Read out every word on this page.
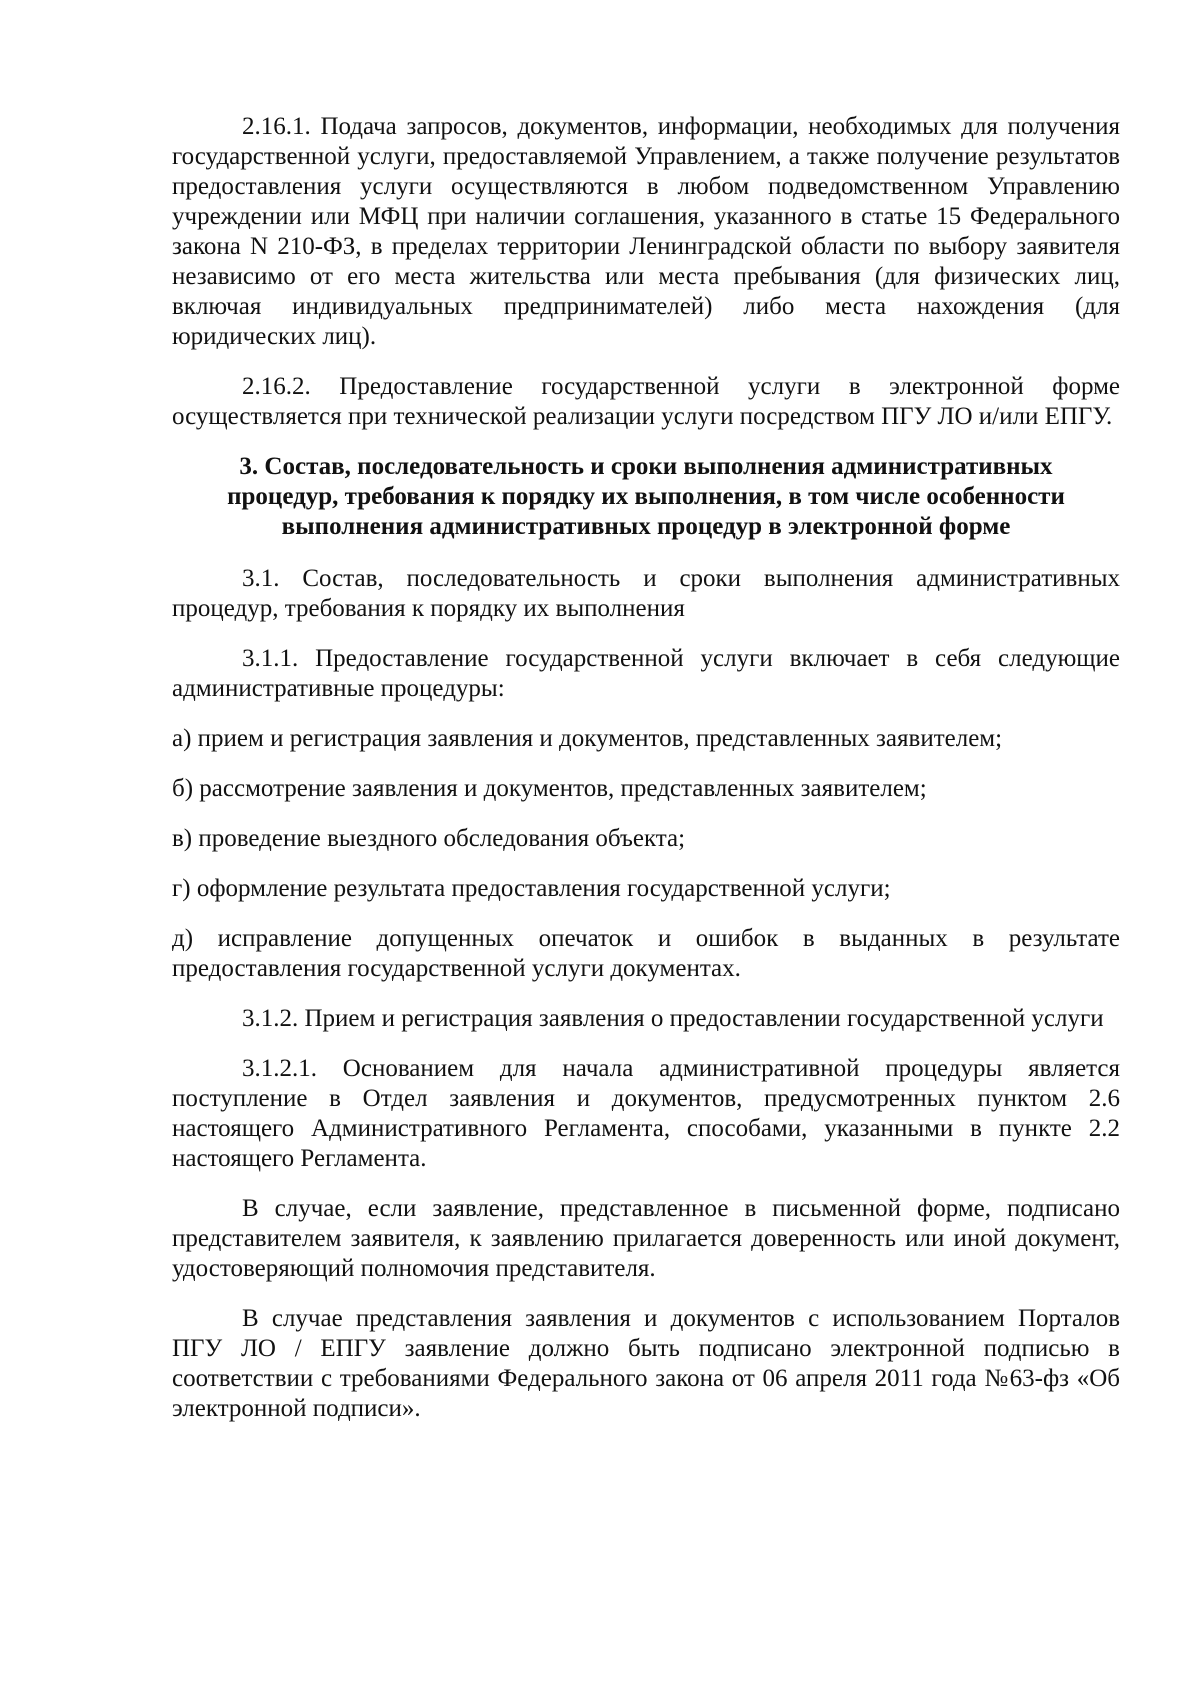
2.16.1. Подача запросов, документов, информации, необходимых для получения государственной услуги, предоставляемой Управлением, а также получение результатов предоставления услуги осуществляются в любом подведомственном Управлению учреждении или МФЦ при наличии соглашения, указанного в статье 15 Федерального закона N 210-ФЗ, в пределах территории Ленинградской области по выбору заявителя независимо от его места жительства или места пребывания (для физических лиц, включая индивидуальных предпринимателей) либо места нахождения (для юридических лиц).

2.16.2. Предоставление государственной услуги в электронной форме осуществляется при технической реализации услуги посредством ПГУ ЛО и/или ЕПГУ.

3. Состав, последовательность и сроки выполнения административных
процедур, требования к порядку их выполнения, в том числе особенности
выполнения административных процедур в электронной форме

3.1. Состав, последовательность и сроки выполнения административных процедур, требования к порядку их выполнения

3.1.1. Предоставление государственной услуги включает в себя следующие административные процедуры:

а) прием и регистрация заявления и документов, представленных заявителем;

б) рассмотрение заявления и документов, представленных заявителем;

в) проведение выездного обследования объекта;

г) оформление результата предоставления государственной услуги;

д) исправление допущенных опечаток и ошибок в выданных в результате предоставления государственной услуги документах.

3.1.2. Прием и регистрация заявления о предоставлении государственной услуги

3.1.2.1. Основанием для начала административной процедуры является поступление в Отдел заявления и документов, предусмотренных пунктом 2.6 настоящего Административного Регламента, способами, указанными в пункте 2.2 настоящего Регламента.

В случае, если заявление, представленное в письменной форме, подписано представителем заявителя, к заявлению прилагается доверенность или иной документ, удостоверяющий полномочия представителя.

В случае представления заявления и документов с использованием Порталов ПГУ ЛО / ЕПГУ заявление должно быть подписано электронной подписью в соответствии с требованиями Федерального закона от 06 апреля 2011 года №63-фз «Об электронной подписи».
